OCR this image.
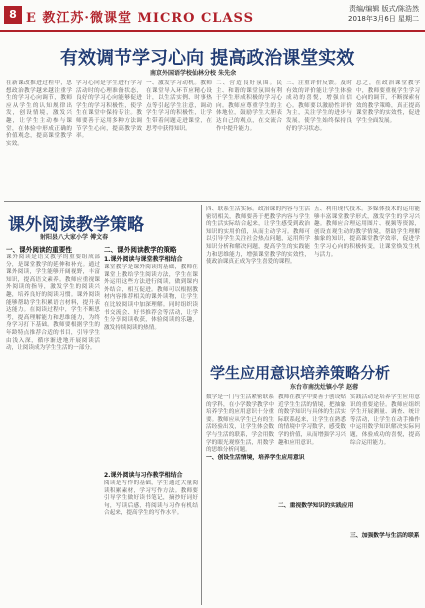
8 E 教江苏·微课堂 MICRO CLASS
责编/编辑 版式/陈浩然
2018年3月6日 星期二
有效调节学习心向 提高政治课堂实效
南京外国语学校仙林分校 朱先余
在新课改推进过程中，思想政治教学越来越注重学生的学习心向调节，教师应从学生的认知规律出发，创设情境，激发兴趣，让学生主动参与课堂，在体验中形成正确的价值观念，提高课堂教学实效。
学习心向是学生进行学习活动时的心理准备状态，良好的学习心向能够促进学生的学习积极性，使学生在课堂中保持专注。教师要善于运用多种方法调节学生心向，提高教学效率。
一、激发学习动机。教师在课堂导入环节应精心设计，以生活实例、时事热点等引起学生注意，调动学生学习的积极性，让学生带着问题走进课堂，在思考中获得知识。
二、营造良好氛围。民主、和谐的课堂氛围有利于学生形成积极的学习心向。教师应尊重学生的主体地位，鼓励学生大胆表达自己的观点，在交流合作中提升能力。
三、注重评价反馈。及时有效的评价能让学生体验成功的喜悦，增强自信心。教师要以激励性评价为主，关注学生的进步与发展，使学生始终保持良好的学习状态。
总之，在政治课堂教学中，教师要重视学生学习心向的调节，不断探索有效的教学策略，真正提高课堂教学的实效性，促进学生全面发展。
课外阅读教学策略
射阳县八大家小学 傅文春
一、课外阅读的重要性
课外阅读是语文教学的重要组成部分，是课堂教学的延伸和补充。通过课外阅读，学生能够开阔视野，丰富知识，提高语文素养。教师应重视课外阅读的指导，激发学生的阅读兴趣，培养良好的阅读习惯。课外阅读能够帮助学生积累语言材料，提升表达能力。在阅读过程中，学生不断思考，提高理解能力和思维能力，为终身学习打下基础。教师要根据学生的年龄特点推荐合适的书目，引导学生由浅入深，循序渐进地开展阅读活动，让阅读成为学生生活的一部分。
二、课外阅读教学的策略
1.课外阅读与课堂教学相结合
课堂教学是课外阅读的基础，教师在课堂上教给学生阅读方法，学生在课外运用这些方法进行阅读，做到课内外结合，相互促进。教师可以根据教材内容推荐相关的课外读物，让学生在比较阅读中加深理解。同时组织读书交流会、好书推荐会等活动，让学生分享阅读收获，体验阅读的乐趣，激发持续阅读的热情。
2.课外阅读与习作教学相结合
阅读是写作的基础，学生通过大量阅读积累素材，学习写作方法。教师要引导学生做好读书笔记，摘抄好词好句，写读后感，将阅读与习作有机结合起来，提高学生的写作水平。
四、联系生活实际。政治课的内容与生活密切相关，教师要善于把教学内容与学生的生活实际结合起来，让学生感受到政治知识的实用价值，从而主动学习。教师可以引导学生关注社会热点问题，运用所学知识分析和解决问题，提高学生的实践能力和思维能力，增强课堂教学的实效性，使政治课真正成为学生喜爱的课程。
五、利用现代技术。多媒体技术的运用能够丰富课堂教学形式，激发学生的学习兴趣。教师应合理运用图片、视频等资源，创设直观生动的教学情境，帮助学生理解抽象的知识，提高课堂教学效率，促进学生学习心向的积极转变，让课堂焕发生机与活力。
学生应用意识培养策略分析
东台市南沈灶镇小学 赵蓉
数学是一门与生活紧密联系的学科，在小学数学教学中培养学生的应用意识十分重要。教师应从学生已有的生活经验出发，让学生体会数学与生活的联系，学会用数学的眼光观察生活，用数学的思维分析问题。
一、创设生活情境，培养学生应用意识
教师在教学中要善于创设贴近学生生活的情境，把抽象的数学知识与具体的生活实际联系起来，让学生在熟悉的情境中学习数学，感受数学的价值，从而增强学习兴趣和应用意识。
二、重视数学知识的实践应用
实践活动是培养学生应用意识的重要途径。教师应组织学生开展测量、调查、统计等活动，让学生在动手操作中运用数学知识解决实际问题，体验成功的喜悦，提高综合运用能力。
三、加强数学与生活的联系
